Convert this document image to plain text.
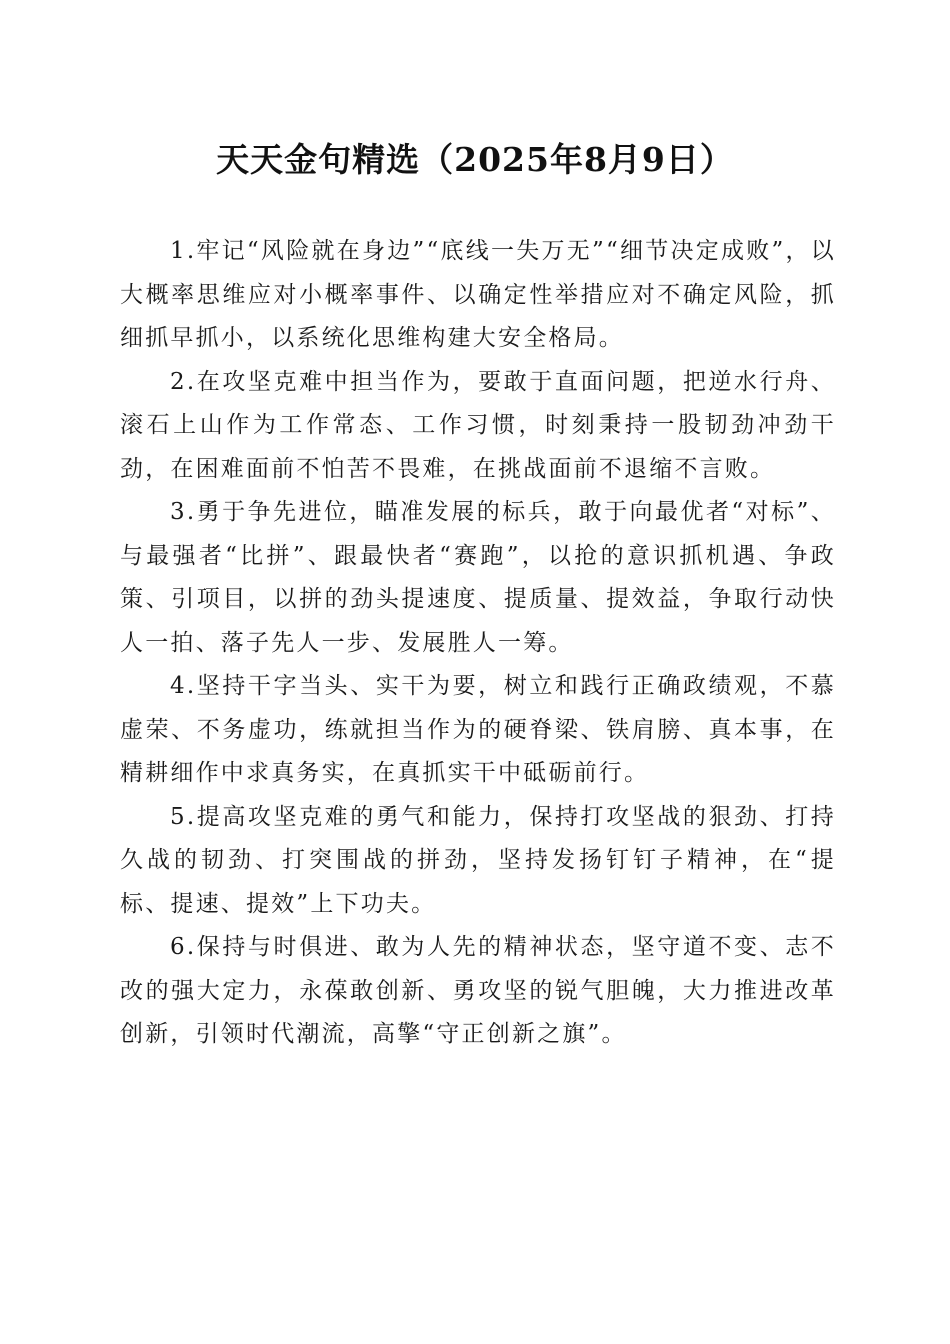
天天金句精选（2025年8月9日）

1.牢记“风险就在身边”“底线一失万无”“细节决定成败”，以大概率思维应对小概率事件、以确定性举措应对不确定风险，抓细抓早抓小，以系统化思维构建大安全格局。

2.在攻坚克难中担当作为，要敢于直面问题，把逆水行舟、滚石上山作为工作常态、工作习惯，时刻秉持一股韧劲冲劲干劲，在困难面前不怕苦不畏难，在挑战面前不退缩不言败。

3.勇于争先进位，瞄准发展的标兵，敢于向最优者“对标”、与最强者“比拼”、跟最快者“赛跑”，以抢的意识抓机遇、争政策、引项目，以拼的劲头提速度、提质量、提效益，争取行动快人一拍、落子先人一步、发展胜人一筹。

4.坚持干字当头、实干为要，树立和践行正确政绩观，不慕虚荣、不务虚功，练就担当作为的硬脊梁、铁肩膀、真本事，在精耕细作中求真务实，在真抓实干中砥砺前行。

5.提高攻坚克难的勇气和能力，保持打攻坚战的狠劲、打持久战的韧劲、打突围战的拼劲，坚持发扬钉钉子精神，在“提标、提速、提效”上下功夫。

6.保持与时俱进、敢为人先的精神状态，坚守道不变、志不改的强大定力，永葆敢创新、勇攻坚的锐气胆魄，大力推进改革创新，引领时代潮流，高擎“守正创新之旗”。
